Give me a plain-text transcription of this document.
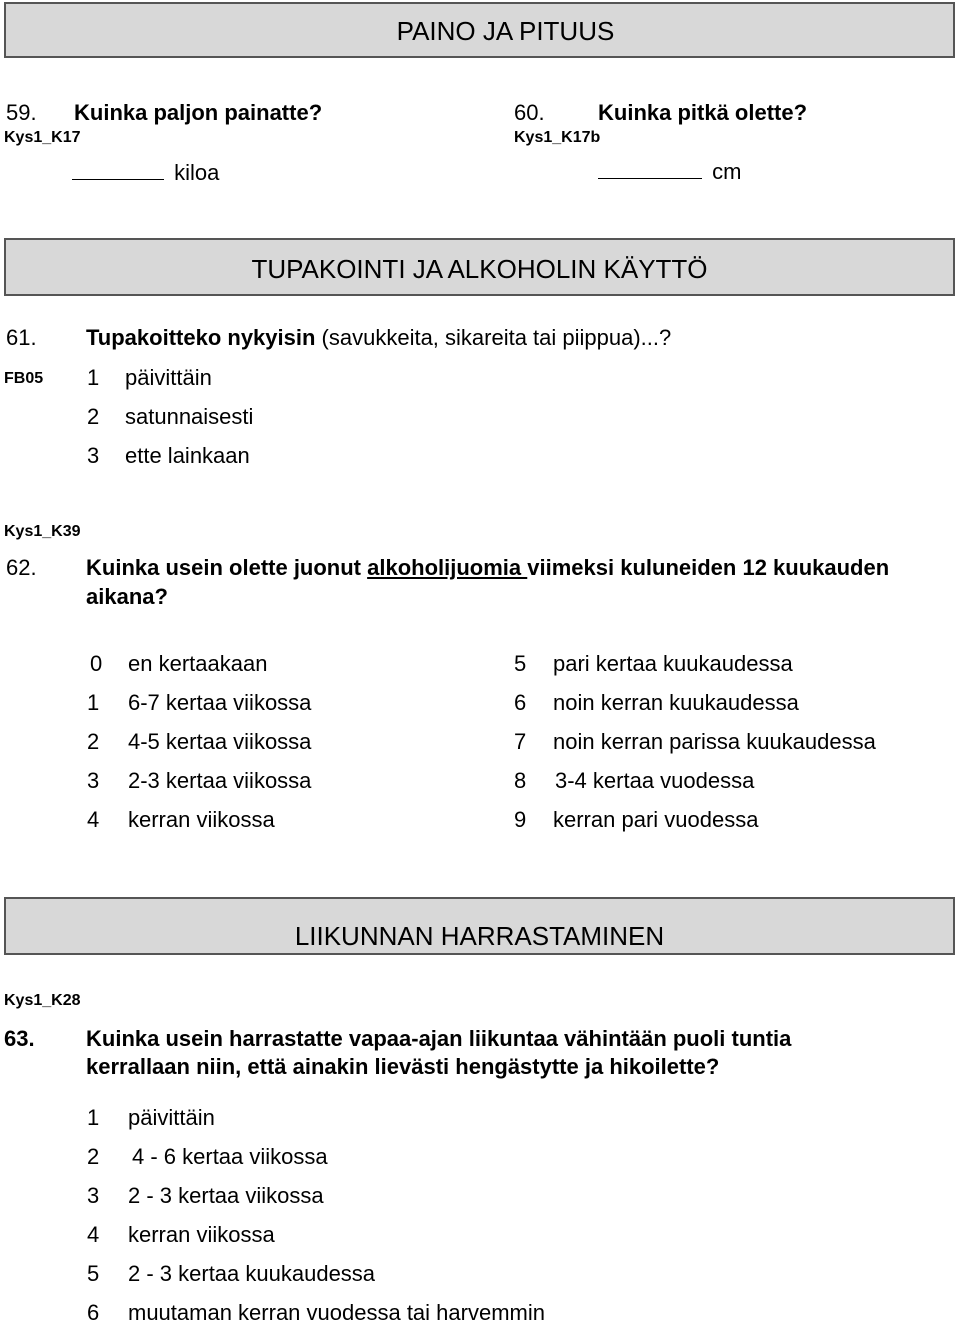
PAINO JA PITUUS
59. Kuinka paljon painatte?
Kys1_K17
kiloa
60. Kuinka pitkä olette?
Kys1_K17b
cm
TUPAKOINTI JA ALKOHOLIN KÄYTTÖ
61. Tupakoitteko nykyisin (savukkeita, sikareita tai piippua)...?
FB05 1 päivittäin
2 satunnaisesti
3 ette lainkaan
Kys1_K39
62. Kuinka usein olette juonut alkoholijuomia viimeksi kuluneiden 12 kuukauden
aikana?
0 en kertaakaan
1 6-7 kertaa viikossa
2 4-5 kertaa viikossa
3 2-3 kertaa viikossa
4 kerran viikossa
5 pari kertaa kuukaudessa
6 noin kerran kuukaudessa
7 noin kerran parissa kuukaudessa
8 3-4 kertaa vuodessa
9 kerran pari vuodessa
LIIKUNNAN HARRASTAMINEN
Kys1_K28
63. Kuinka usein harrastatte vapaa-ajan liikuntaa vähintään puoli tuntia
kerrallaan niin, että ainakin lievästi hengästytte ja hikoilette?
1 päivittäin
2 4 - 6 kertaa viikossa
3 2 - 3 kertaa viikossa
4 kerran viikossa
5 2 - 3 kertaa kuukaudessa
6 muutaman kerran vuodessa tai harvemmin
